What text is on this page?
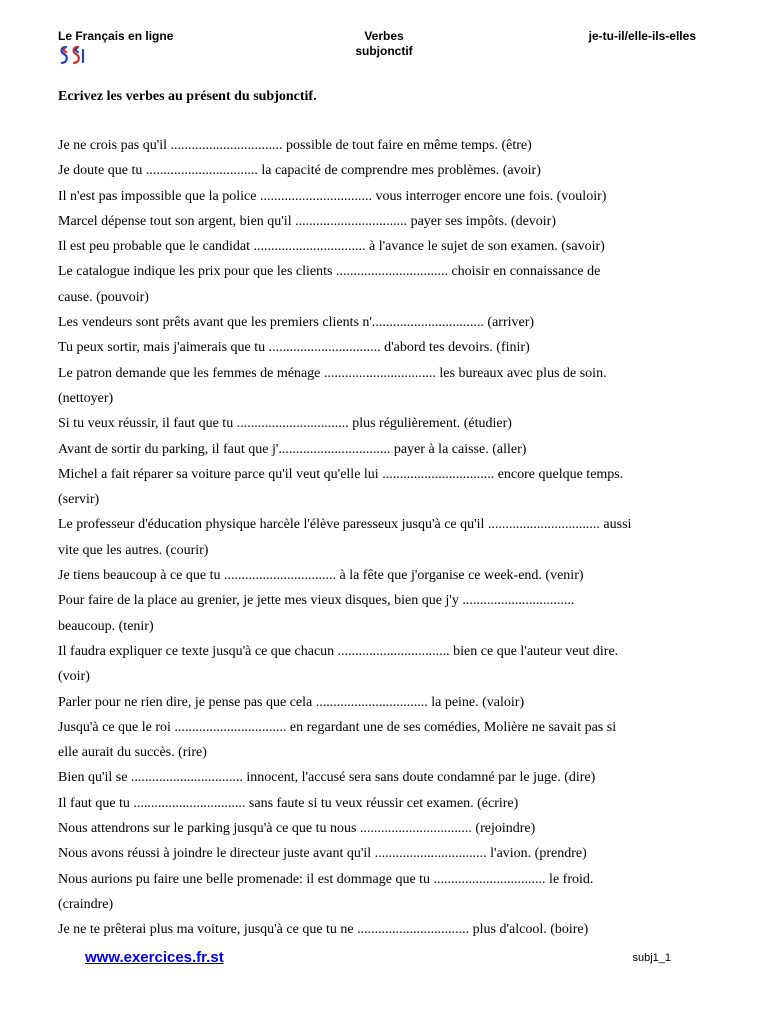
Le Français en ligne	Verbes
subjonctif
je-tu-il/elle-ils-elles
Ecrivez les verbes au présent du subjonctif.
Je ne crois pas qu'il ................................ possible de tout faire en même temps. (être)
Je doute que tu ................................ la capacité de comprendre mes problèmes. (avoir)
Il n'est pas impossible que la police ................................ vous interroger encore une fois. (vouloir)
Marcel dépense tout son argent, bien qu'il ................................ payer ses impôts. (devoir)
Il est peu probable que le candidat ................................ à l'avance le sujet de son examen. (savoir)
Le catalogue indique les prix pour que les clients ................................ choisir en connaissance de
cause. (pouvoir)
Les vendeurs sont prêts avant que les premiers clients n'................................ (arriver)
Tu peux sortir, mais j'aimerais que tu ................................ d'abord tes devoirs. (finir)
Le patron demande que les femmes de ménage ................................ les bureaux avec plus de soin.
(nettoyer)
Si tu veux réussir, il faut que tu ................................ plus régulièrement. (étudier)
Avant de sortir du parking, il faut que j'................................ payer à la caisse. (aller)
Michel a fait réparer sa voiture parce qu'il veut qu'elle lui ................................ encore quelque temps.
(servir)
Le professeur d'éducation physique harcèle l'élève paresseux jusqu'à ce qu'il ................................ aussi
vite que les autres. (courir)
Je tiens beaucoup à ce que tu ................................ à la fête que j'organise ce week-end. (venir)
Pour faire de la place au grenier, je jette mes vieux disques, bien que j'y ................................
beaucoup. (tenir)
Il faudra expliquer ce texte jusqu'à ce que chacun ................................ bien ce que l'auteur veut dire.
(voir)
Parler pour ne rien dire, je pense pas que cela ................................ la peine. (valoir)
Jusqu'à ce que le roi ................................ en regardant une de ses comédies, Molière ne savait pas si
elle aurait du succès. (rire)
Bien qu'il se ................................ innocent, l'accusé sera sans doute condamné par le juge. (dire)
Il faut que tu ................................ sans faute si tu veux réussir cet examen. (écrire)
Nous attendrons sur le parking jusqu'à ce que tu nous ................................ (rejoindre)
Nous avons réussi à joindre le directeur juste avant qu'il ................................ l'avion. (prendre)
Nous aurions pu faire une belle promenade: il est dommage que tu ................................ le froid.
(craindre)
Je ne te prêterai plus ma voiture, jusqu'à ce que tu ne ................................ plus d'alcool. (boire)
www.exercices.fr.st	subj1_1
